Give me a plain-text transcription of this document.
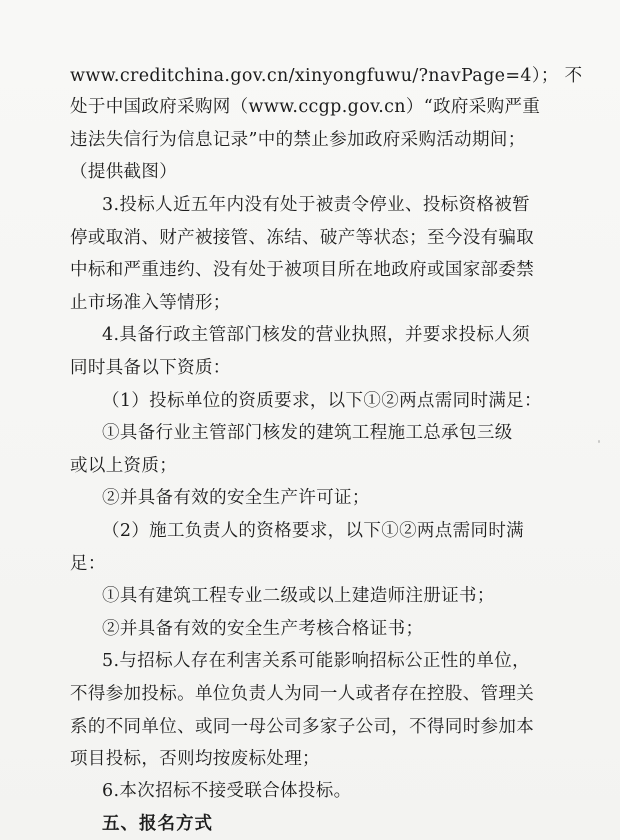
www.creditchina.gov.cn/xinyongfuwu/?navPage=4）； 不
处于中国政府采购网（www.ccgp.gov.cn）“政府采购严重
违法失信行为信息记录”中的禁止参加政府采购活动期间；
（提供截图）
3.投标人近五年内没有处于被责令停业、投标资格被暂
停或取消、财产被接管、冻结、破产等状态；至今没有骗取
中标和严重违约、没有处于被项目所在地政府或国家部委禁
止市场准入等情形；
4.具备行政主管部门核发的营业执照，并要求投标人须
同时具备以下资质：
（1）投标单位的资质要求，以下①②两点需同时满足：
①具备行业主管部门核发的建筑工程施工总承包三级
或以上资质；
②并具备有效的安全生产许可证；
（2）施工负责人的资格要求，以下①②两点需同时满
足：
①具有建筑工程专业二级或以上建造师注册证书；
②并具备有效的安全生产考核合格证书；
5.与招标人存在利害关系可能影响招标公正性的单位，
不得参加投标。单位负责人为同一人或者存在控股、管理关
系的不同单位、或同一母公司多家子公司，不得同时参加本
项目投标，否则均按废标处理；
6.本次招标不接受联合体投标。
五、报名方式
